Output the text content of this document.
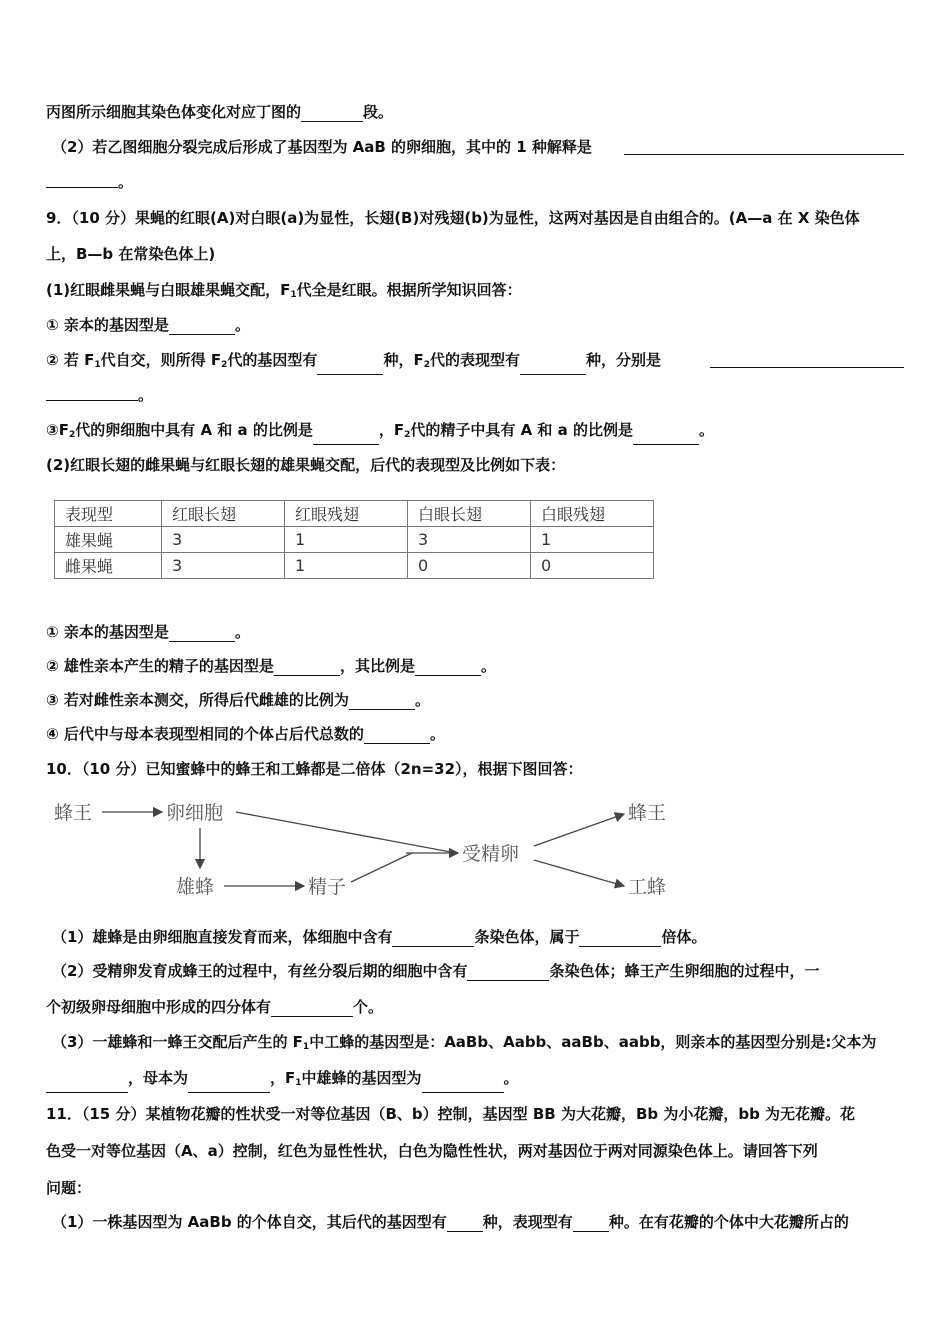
丙图所示细胞其染色体变化对应丁图的	段。
（2）若乙图细胞分裂完成后形成了基因型为 AaB 的卵细胞，其中的 1 种解释是
。
9．（10 分）果蝇的红眼(A)对白眼(a)为显性，长翅(B)对残翅(b)为显性，这两对基因是自由组合的。(A—a 在 X 染色体
上，B—b 在常染色体上)
(1)红眼雌果蝇与白眼雄果蝇交配，$F_1$代全是红眼。根据所学知识回答：
① 亲本的基因型是	。
② 若 $F_1$代自交，则所得 $F_2$代的基因型有	种，$F_2$代的表现型有	种，分别是
。
$③F_2$代的卵细胞中具有 A 和 a 的比例是	，$F_2$代的精子中具有 A 和 a 的比例是	。
(2)红眼长翅的雌果蝇与红眼长翅的雄果蝇交配，后代的表现型及比例如下表：
表现型	红眼长翅	红眼残翅	白眼长翅	白眼残翅
雄果蝇	3	1	3	1
雌果蝇	3	1	0	0
① 亲本的基因型是	。
② 雄性亲本产生的精子的基因型是	，其比例是	。
③ 若对雌性亲本测交，所得后代雌雄的比例为	。
④ 后代中与母本表现型相同的个体占后代总数的	。
10．（10 分）已知蜜蜂中的蜂王和工蜂都是二倍体（2n=32），根据下图回答：
蜂王	卵细胞
雄蜂	精子
受精卵
蜂王
工蜂
（1）雄蜂是由卵细胞直接发育而来，体细胞中含有	条染色体，属于	倍体。
（2）受精卵发育成蜂王的过程中，有丝分裂后期的细胞中含有	条染色体；蜂王产生卵细胞的过程中，一
个初级卵母细胞中形成的四分体有	个。
（3）一雄蜂和一蜂王交配后产生的 $F_1$中工蜂的基因型是：AaBb、Aabb、aaBb、aabb，则亲本的基因型分别是:父本为
，母本为	，$F_1$中雄蜂的基因型为	。
11．（15 分）某植物花瓣的性状受一对等位基因（B、b）控制，基因型 BB 为大花瓣，Bb 为小花瓣，bb 为无花瓣。花
色受一对等位基因（A、a）控制，红色为显性性状，白色为隐性性状，两对基因位于两对同源染色体上。请回答下列
问题：
（1）一株基因型为 AaBb 的个体自交，其后代的基因型有 种，表现型有 种。在有花瓣的个体中大花瓣所占的
